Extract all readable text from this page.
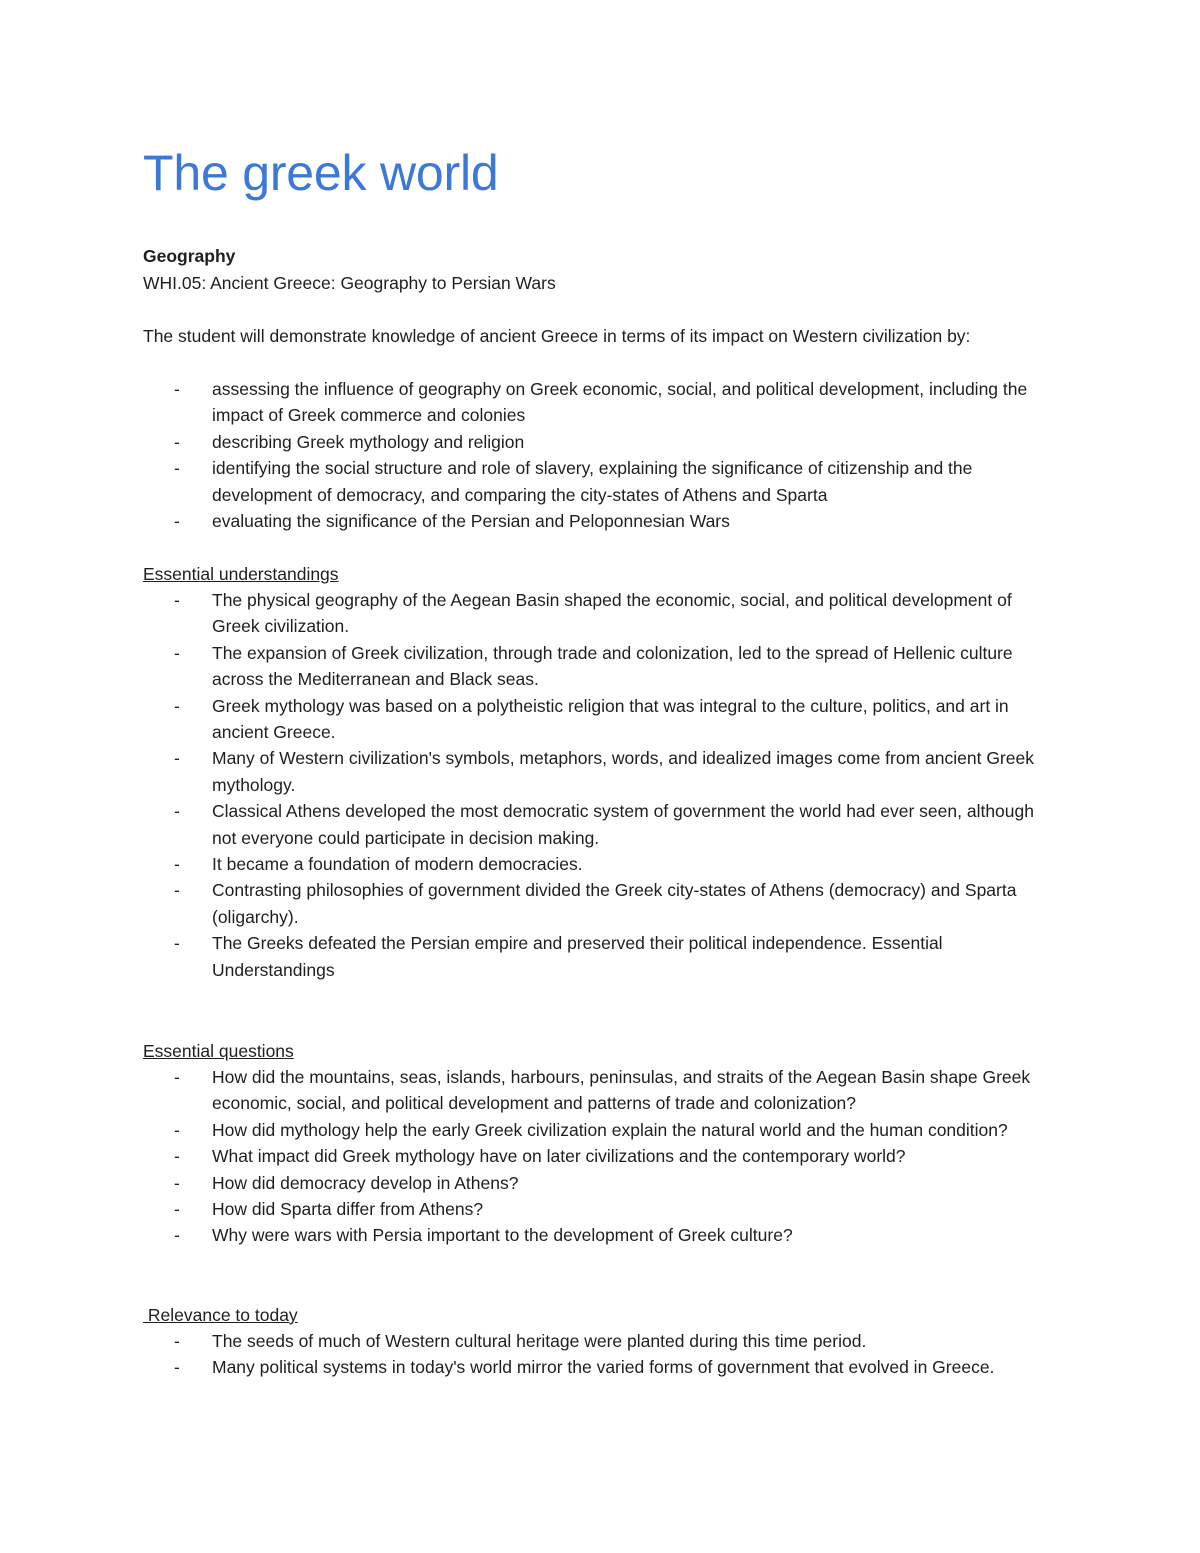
The greek world
Geography

WHI.05: Ancient Greece: Geography to Persian Wars

The student will demonstrate knowledge of ancient Greece in terms of its impact on Western civilization by:

- assessing the influence of geography on Greek economic, social, and political development, including the impact of Greek commerce and colonies
- describing Greek mythology and religion
- identifying the social structure and role of slavery, explaining the significance of citizenship and the development of democracy, and comparing the city-states of Athens and Sparta
- evaluating the significance of the Persian and Peloponnesian Wars

Essential understandings

- The physical geography of the Aegean Basin shaped the economic, social, and political development of Greek civilization.
- The expansion of Greek civilization, through trade and colonization, led to the spread of Hellenic culture across the Mediterranean and Black seas.
- Greek mythology was based on a polytheistic religion that was integral to the culture, politics, and art in ancient Greece.
- Many of Western civilization's symbols, metaphors, words, and idealized images come from ancient Greek mythology.
- Classical Athens developed the most democratic system of government the world had ever seen, although not everyone could participate in decision making.
- It became a foundation of modern democracies.
- Contrasting philosophies of government divided the Greek city-states of Athens (democracy) and Sparta (oligarchy).
- The Greeks defeated the Persian empire and preserved their political independence. Essential Understandings

Essential questions

- How did the mountains, seas, islands, harbours, peninsulas, and straits of the Aegean Basin shape Greek economic, social, and political development and patterns of trade and colonization?
- How did mythology help the early Greek civilization explain the natural world and the human condition?
- What impact did Greek mythology have on later civilizations and the contemporary world?
- How did democracy develop in Athens?
- How did Sparta differ from Athens?
- Why were wars with Persia important to the development of Greek culture?

Relevance to today

- The seeds of much of Western cultural heritage were planted during this time period.
- Many political systems in today's world mirror the varied forms of government that evolved in Greece.
